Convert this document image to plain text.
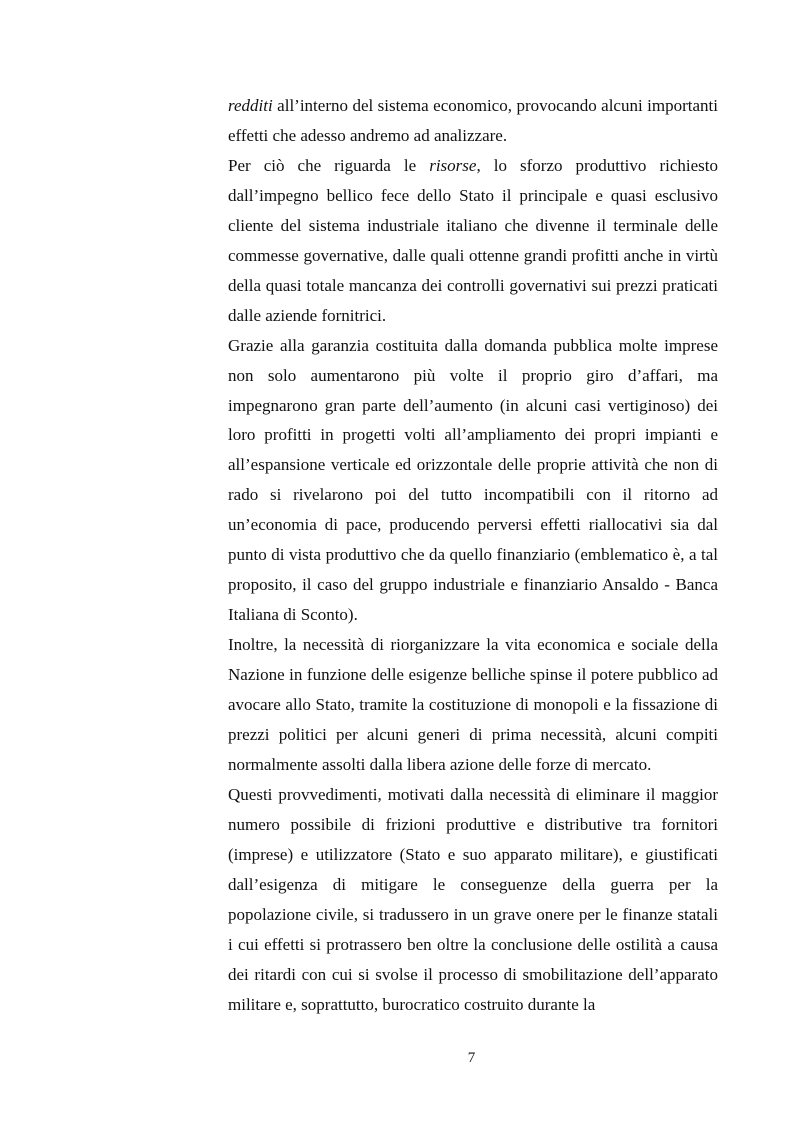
redditi all’interno del sistema economico, provocando alcuni importanti effetti che adesso andremo ad analizzare.

Per ciò che riguarda le risorse, lo sforzo produttivo richiesto dall’impegno bellico fece dello Stato il principale e quasi esclusivo cliente del sistema industriale italiano che divenne il terminale delle commesse governative, dalle quali ottenne grandi profitti anche in virtù della quasi totale mancanza dei controlli governativi sui prezzi praticati dalle aziende fornitrici.

Grazie alla garanzia costituita dalla domanda pubblica molte imprese non solo aumentarono più volte il proprio giro d’affari, ma impegnarono gran parte dell’aumento (in alcuni casi vertiginoso) dei loro profitti in progetti volti all’ampliamento dei propri impianti e all’espansione verticale ed orizzontale delle proprie attività che non di rado si rivelarono poi del tutto incompatibili con il ritorno ad un’economia di pace, producendo perversi effetti riallocativi sia dal punto di vista produttivo che da quello finanziario (emblematico è, a tal proposito, il caso del gruppo industriale e finanziario Ansaldo - Banca Italiana di Sconto).

Inoltre, la necessità di riorganizzare la vita economica e sociale della Nazione in funzione delle esigenze belliche spinse il potere pubblico ad avocare allo Stato, tramite la costituzione di monopoli e la fissazione di prezzi politici per alcuni generi di prima necessità, alcuni compiti normalmente assolti dalla libera azione delle forze di mercato.

Questi provvedimenti, motivati dalla necessità di eliminare il maggior numero possibile di frizioni produttive e distributive tra fornitori (imprese) e utilizzatore (Stato e suo apparato militare), e giustificati dall’esigenza di mitigare le conseguenze della guerra per la popolazione civile, si tradussero in un grave onere per le finanze statali i cui effetti si protrassero ben oltre la conclusione delle ostilità a causa dei ritardi con cui si svolse il processo di smobilitazione dell’apparato militare e, soprattutto, burocratico costruito durante la

7
